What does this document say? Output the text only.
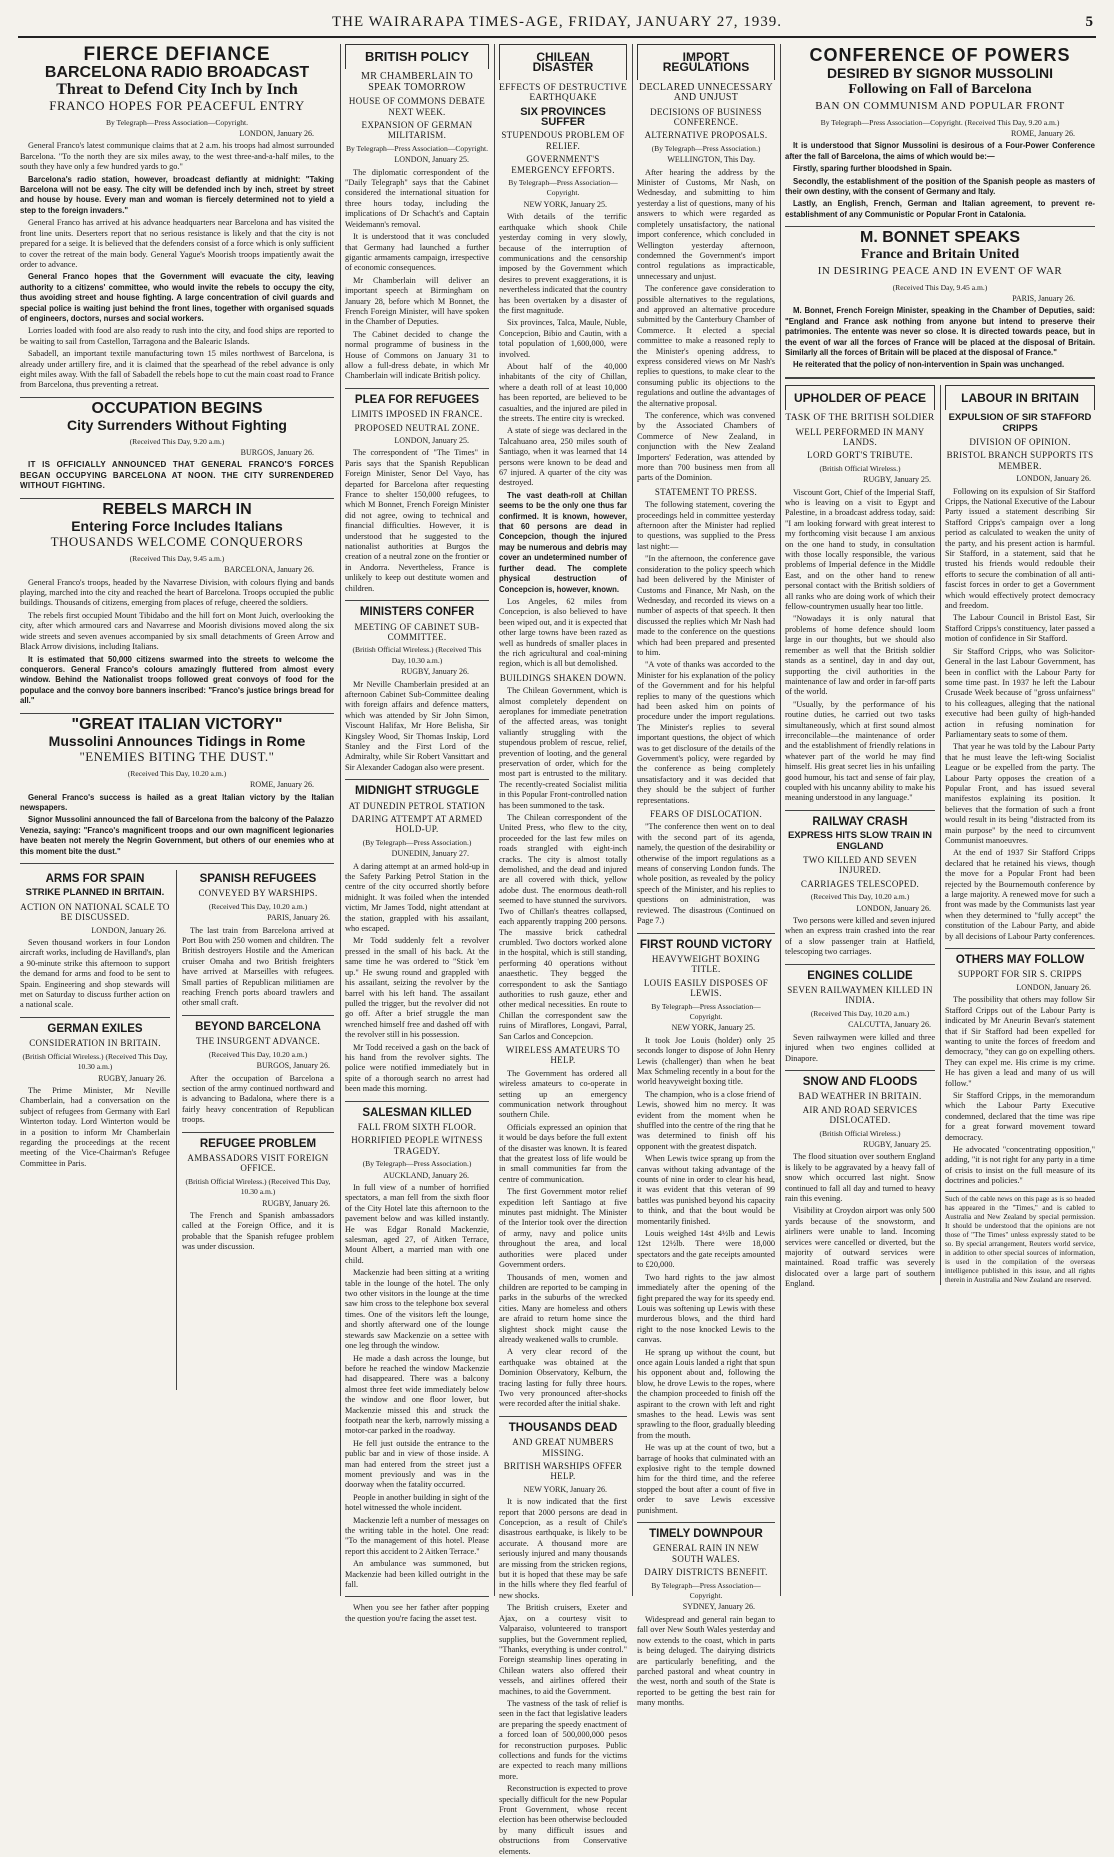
THE WAIRARAPA TIMES-AGE, FRIDAY, JANUARY 27, 1939.	5
FIERCE DEFIANCE
BARCELONA RADIO BROADCAST
Threat to Defend City Inch by Inch
FRANCO HOPES FOR PEACEFUL ENTRY
By Telegraph—Press Association—Copyright.
LONDON, January 26.

General Franco's latest communique claims that at 2 a.m. his troops had almost surrounded Barcelona. "To the north they are six miles away, to the west three-and-a-half miles, to the south they have only a few hundred yards to go."

Barcelona's radio station, however, broadcast defiantly at midnight: "Taking Barcelona will not be easy. The city will be defended inch by inch, street by street and house by house. Every man and woman is fiercely determined not to yield a step to the foreign invaders."

General Franco has arrived at his advance headquarters near Barcelona and has visited the front line units. Deserters report that no serious resistance is likely and that the city is not prepared for a seige. It is believed that the defenders consist of a force which is only sufficient to cover the retreat of the main body. General Yague's Moorish troops impatiently await the order to advance.

General Franco hopes that the Government will evacuate the city, leaving authority to a citizens' committee, who would invite the rebels to occupy the city, thus avoiding street and house fighting. A large concentration of civil guards and special police is waiting just behind the front lines, together with organised squads of engineers, doctors, nurses and social workers.

Lorries loaded with food are also ready to rush into the city, and food ships are reported to be waiting to sail from Castellon, Tarragona and the Balearic Islands.

Sabadell, an important textile manufacturing town 15 miles northwest of Barcelona, is already under artillery fire, and it is claimed that the spearhead of the rebel advance is only eight miles away. With the fall of Sabadell the rebels hope to cut the main coast road to France from Barcelona, thus preventing a retreat.

OCCUPATION BEGINS
City Surrenders Without Fighting
(Received This Day, 9.20 a.m.)
BURGOS, January 26.

IT IS OFFICIALLY ANNOUNCED THAT GENERAL FRANCO'S FORCES BEGAN OCCUPYING BARCELONA AT NOON. THE CITY SURRENDERED WITHOUT FIGHTING.

REBELS MARCH IN
Entering Force Includes Italians
THOUSANDS WELCOME CONQUERORS
(Received This Day, 9.45 a.m.)
BARCELONA, January 26.

General Franco's troops, headed by the Navarrese Division, with colours flying and bands playing, marched into the city and reached the heart of Barcelona. Troops occupied the public buildings. Thousands of citizens, emerging from places of refuge, cheered the soldiers.

The rebels first occupied Mount Tibidabo and the hill fort on Mont Juich, overlooking the city, after which armoured cars and Navarrese and Moorish divisions moved along the six wide streets and seven avenues accompanied by six small detachments of Green Arrow and Black Arrow divisions, including Italians.

It is estimated that 50,000 citizens swarmed into the streets to welcome the conquerors. General Franco's colours amazingly fluttered from almost every window. Behind the Nationalist troops followed great convoys of food for the populace and the convoy bore banners inscribed: "Franco's justice brings bread for all."

"GREAT ITALIAN VICTORY"
Mussolini Announces Tidings in Rome
"ENEMIES BITING THE DUST."
(Received This Day, 10.20 a.m.)
ROME, January 26.

General Franco's success is hailed as a great Italian victory by the Italian newspapers.

Signor Mussolini announced the fall of Barcelona from the balcony of the Palazzo Venezia, saying: "Franco's magnificent troops and our own magnificent legionaries have beaten not merely the Negrin Government, but others of our enemies who at this moment bite the dust."

ARMS FOR SPAIN
STRIKE PLANNED IN BRITAIN.
ACTION ON NATIONAL SCALE TO BE DISCUSSED.
LONDON, January 26.

Seven thousand workers in four London aircraft works, including de Havilland's, plan a 90-minute strike this afternoon to support the demand for arms and food to be sent to Spain. Engineering and shop stewards will met on Saturday to discuss further action on a national scale.

GERMAN EXILES
CONSIDERATION IN BRITAIN.
(British Official Wireless.) (Received This Day, 10.30 a.m.)
RUGBY, January 26.

The Prime Minister, Mr Neville Chamberlain, had a conversation on the subject of refugees from Germany with Earl Winterton today. Lord Winterton would be in a position to inform Mr Chamberlain regarding the proceedings at the recent meeting of the Vice-Chairman's Refugee Committee in Paris.

SPANISH REFUGEES
CONVEYED BY WARSHIPS.
(Received This Day, 10.20 a.m.)
PARIS, January 26.

The last train from Barcelona arrived at Port Bou with 250 women and children. The British destroyers Hostile and the American cruiser Omaha and two British freighters have arrived at Marseilles with refugees. Small parties of Republican militiamen are reaching French ports aboard trawlers and other small craft.

BEYOND BARCELONA
THE INSURGENT ADVANCE.
(Received This Day, 10.20 a.m.)
BURGOS, January 26.

After the occupation of Barcelona a section of the army continued northward and is advancing to Badalona, where there is a fairly heavy concentration of Republican troops.

REFUGEE PROBLEM
AMBASSADORS VISIT FOREIGN OFFICE.
(British Official Wireless.) (Received This Day, 10.30 a.m.)
RUGBY, January 26.

The French and Spanish ambassadors called at the Foreign Office, and it is probable that the Spanish refugee problem was under discussion.

BRITISH POLICY
MR CHAMBERLAIN TO SPEAK TOMORROW
HOUSE OF COMMONS DEBATE NEXT WEEK.
EXPANSION OF GERMAN MILITARISM.
By Telegraph—Press Association—Copyright.
LONDON, January 25.

The diplomatic correspondent of the "Daily Telegraph" says that the Cabinet considered the international situation for three hours today, including the implications of Dr Schacht's and Captain Weidemann's removal.

It is understood that it was concluded that Germany had launched a further gigantic armaments campaign, irrespective of economic consequences.

Mr Chamberlain will deliver an important speech at Birmingham on January 28, before which M Bonnet, the French Foreign Minister, will have spoken in the Chamber of Deputies.

The Cabinet decided to change the normal programme of business in the House of Commons on January 31 to allow a full-dress debate, in which Mr Chamberlain will indicate British policy.

PLEA FOR REFUGEES
LIMITS IMPOSED IN FRANCE.
PROPOSED NEUTRAL ZONE.
LONDON, January 25.

The correspondent of "The Times" in Paris says that the Spanish Republican Foreign Minister, Senor Del Vayo, has departed for Barcelona after requesting France to shelter 150,000 refugees, to which M Bonnet, French Foreign Minister did not agree, owing to technical and financial difficulties. However, it is understood that he suggested to the nationalist authorities at Burgos the creation of a neutral zone on the frontier or in Andorra. Nevertheless, France is unlikely to keep out destitute women and children.

MINISTERS CONFER
MEETING OF CABINET SUB-COMMITTEE.
(British Official Wireless.) (Received This Day, 10.30 a.m.)
RUGBY, January 26.

Mr Neville Chamberlain presided at an afternoon Cabinet Sub-Committee dealing with foreign affairs and defence matters, which was attended by Sir John Simon, Viscount Halifax, Mr Hore Belisha, Sir Kingsley Wood, Sir Thomas Inskip, Lord Stanley and the First Lord of the Admiralty, while Sir Robert Vansittart and Sir Alexander Cadogan also were present.

MIDNIGHT STRUGGLE
AT DUNEDIN PETROL STATION
DARING ATTEMPT AT ARMED HOLD-UP.
(By Telegraph—Press Association.)
DUNEDIN, January 27.

A daring attempt at an armed hold-up in the Safety Parking Petrol Station in the centre of the city occurred shortly before midnight. It was foiled when the intended victim, Mr James Todd, night attendant at the station, grappled with his assailant, who escaped.

Mr Todd suddenly felt a revolver pressed in the small of his back. At the same time he was ordered to "Stick 'em up." He swung round and grappled with his assailant, seizing the revolver by the barrel with his left hand. The assailant pulled the trigger, but the revolver did not go off. After a brief struggle the man wrenched himself free and dashed off with the revolver still in his possession.

Mr Todd received a gash on the back of his hand from the revolver sights. The police were notified immediately but in spite of a thorough search no arrest had been made this morning.

SALESMAN KILLED
FALL FROM SIXTH FLOOR.
HORRIFIED PEOPLE WITNESS TRAGEDY.
(By Telegraph—Press Association.)
AUCKLAND, January 26.

In full view of a number of horrified spectators, a man fell from the sixth floor of the City Hotel late this afternoon to the pavement below and was killed instantly. He was Edgar Ronald Mackenzie, salesman, aged 27, of Aitken Terrace, Mount Albert, a married man with one child.

Mackenzie had been sitting at a writing table in the lounge of the hotel. The only two other visitors in the lounge at the time saw him cross to the telephone box several times. One of the visitors left the lounge, and shortly afterward one of the lounge stewards saw Mackenzie on a settee with one leg through the window.

He made a dash across the lounge, but before he reached the window Mackenzie had disappeared. There was a balcony almost three feet wide immediately below the window and one floor lower, but Mackenzie missed this and struck the footpath near the kerb, narrowly missing a motor-car parked in the roadway.

He fell just outside the entrance to the public bar and in view of those inside. A man had entered from the street just a moment previously and was in the doorway when the fatality occurred.

People in another building in sight of the hotel witnessed the whole incident.

Mackenzie left a number of messages on the writing table in the hotel. One read: "To the management of this hotel. Please report this accident to 2 Aitken Terrace."

An ambulance was summoned, but Mackenzie had been killed outright in the fall.

When you see her father after popping the question you're facing the asset test.

CHILEAN DISASTER
EFFECTS OF DESTRUCTIVE EARTHQUAKE
SIX PROVINCES SUFFER
STUPENDOUS PROBLEM OF RELIEF.
GOVERNMENT'S EMERGENCY EFFORTS.
By Telegraph—Press Association—Copyright.
NEW YORK, January 25.

With details of the terrific earthquake which shook Chile yesterday coming in very slowly, because of the interruption of communications and the censorship imposed by the Government which desires to prevent exaggerations, it is nevertheless indicated that the country has been overtaken by a disaster of the first magnitude.

Six provinces, Talca, Maule, Nuble, Concepcion, Bibio and Cautin, with a total population of 1,600,000, were involved.

About half of the 40,000 inhabitants of the city of Chillan, where a death roll of at least 10,000 has been reported, are believed to be casualties, and the injured are piled in the streets. The entire city is wrecked.

A state of siege was declared in the Talcahuano area, 250 miles south of Santiago, when it was learned that 14 persons were known to be dead and 67 injured. A quarter of the city was destroyed.

The vast death-roll at Chillan seems to be the only one thus far confirmed. It is known, however, that 60 persons are dead in Concepcion, though the injured may be numerous and debris may cover an undetermined number of further dead. The complete physical destruction of Concepcion is, however, known.

Los Angeles, 62 miles from Concepcion, is also believed to have been wiped out, and it is expected that other large towns have been razed as well as hundreds of smaller places in the rich agricultural and coal-mining region, which is all but demolished.

BUILDINGS SHAKEN DOWN.

The Chilean Government, which is almost completely dependent on aeroplanes for immediate penetration of the affected areas, was tonight valiantly struggling with the stupendous problem of rescue, relief, prevention of looting, and the general preservation of order, which for the most part is entrusted to the military. The recently-created Socialist militia in this Popular Front-controlled nation has been summoned to the task.

The Chilean correspondent of the United Press, who flew to the city, proceeded for the last few miles on roads strangled with eight-inch cracks. The city is almost totally demolished, and the dead and injured are all covered with thick, yellow adobe dust. The enormous death-roll seemed to have stunned the survivors. Two of Chillan's theatres collapsed, each apparently trapping 200 persons. The massive brick cathedral crumbled. Two doctors worked alone in the hospital, which is still standing, performing 40 operations without anaesthetic. They begged the correspondent to ask the Santiago authorities to rush gauze, ether and other medical necessities. En route to Chillan the correspondent saw the ruins of Miraflores, Longavi, Parral, San Carlos and Concepcion.

WIRELESS AMATEURS TO HELP.

The Government has ordered all wireless amateurs to co-operate in setting up an emergency communication network throughout southern Chile.

Officials expressed an opinion that it would be days before the full extent of the disaster was known. It is feared that the greatest loss of life would be in small communities far from the centre of communication.

The first Government motor relief expedition left Santiago at five minutes past midnight. The Minister of the Interior took over the direction of army, navy and police units throughout the area, and local authorities were placed under Government orders.

Thousands of men, women and children are reported to be camping in parks in the suburbs of the wrecked cities. Many are homeless and others are afraid to return home since the slightest shock might cause the already weakened walls to crumble.

A very clear record of the earthquake was obtained at the Dominion Observatory, Kelburn, the tracing lasting for fully three hours. Two very pronounced after-shocks were recorded after the initial shake.

THOUSANDS DEAD
AND GREAT NUMBERS MISSING.
BRITISH WARSHIPS OFFER HELP.
NEW YORK, January 26.

It is now indicated that the first report that 2000 persons are dead in Concepcion, as a result of Chile's disastrous earthquake, is likely to be accurate. A thousand more are seriously injured and many thousands are missing from the stricken regions, but it is hoped that these may be safe in the hills where they fled fearful of new shocks.

The British cruisers, Exeter and Ajax, on a courtesy visit to Valparaiso, volunteered to transport supplies, but the Government replied, "Thanks, everything is under control." Foreign steamship lines operating in Chilean waters also offered their vessels, and airlines offered their machines, to aid the Government.

The vastness of the task of relief is seen in the fact that legislative leaders are preparing the speedy enactment of a forced loan of 500,000,000 pesos for reconstruction purposes. Public collections and funds for the victims are expected to reach many millions more.

Reconstruction is expected to prove specially difficult for the new Popular Front Government, whose recent election has been otherwise beclouded by many difficult issues and obstructions from Conservative elements.

IMPORT REGULATIONS
DECLARED UNNECESSARY AND UNJUST
DECISIONS OF BUSINESS CONFERENCE.
ALTERNATIVE PROPOSALS.
(By Telegraph—Press Association.)
WELLINGTON, This Day.

After hearing the address by the Minister of Customs, Mr Nash, on Wednesday, and submitting to him yesterday a list of questions, many of his answers to which were regarded as completely unsatisfactory, the national import conference, which concluded in Wellington yesterday afternoon, condemned the Government's import control regulations as impracticable, unnecessary and unjust.

The conference gave consideration to possible alternatives to the regulations, and approved an alternative procedure submitted by the Canterbury Chamber of Commerce. It elected a special committee to make a reasoned reply to the Minister's opening address, to express considered views on Mr Nash's replies to questions, to make clear to the consuming public its objections to the regulations and outline the advantages of the alternative proposal.

The conference, which was convened by the Associated Chambers of Commerce of New Zealand, in conjunction with the New Zealand Importers' Federation, was attended by more than 700 business men from all parts of the Dominion.

STATEMENT TO PRESS.

The following statement, covering the proceedings held in committee yesterday afternoon after the Minister had replied to questions, was supplied to the Press last night:—

"In the afternoon, the conference gave consideration to the policy speech which had been delivered by the Minister of Customs and Finance, Mr Nash, on the Wednesday, and recorded its views on a number of aspects of that speech. It then discussed the replies which Mr Nash had made to the conference on the questions which had been prepared and presented to him.

"A vote of thanks was accorded to the Minister for his explanation of the policy of the Government and for his helpful replies to many of the questions which had been asked him on points of procedure under the import regulations. The Minister's replies to several important questions, the object of which was to get disclosure of the details of the Government's policy, were regarded by the conference as being completely unsatisfactory and it was decided that they should be the subject of further representations.

FEARS OF DISLOCATION.

"The conference then went on to deal with the second part of its agenda, namely, the question of the desirability or otherwise of the import regulations as a means of conserving London funds. The whole position, as revealed by the policy speech of the Minister, and his replies to questions on administration, was reviewed. The disastrous (Continued on Page 7.)

FIRST ROUND VICTORY
HEAVYWEIGHT BOXING TITLE.
LOUIS EASILY DISPOSES OF LEWIS.
By Telegraph—Press Association—Copyright.
NEW YORK, January 25.

It took Joe Louis (holder) only 25 seconds longer to dispose of John Henry Lewis (challenger) than when he beat Max Schmeling recently in a bout for the world heavyweight boxing title.

The champion, who is a close friend of Lewis, showed him no mercy. It was evident from the moment when he shuffled into the centre of the ring that he was determined to finish off his opponent with the greatest dispatch.

When Lewis twice sprang up from the canvas without taking advantage of the counts of nine in order to clear his head, it was evident that this veteran of 99 battles was punished beyond his capacity to think, and that the bout would be momentarily finished.

Louis weighed 14st 4½lb and Lewis 12st 12½lb. There were 18,000 spectators and the gate receipts amounted to £20,000.

Two hard rights to the jaw almost immediately after the opening of the fight prepared the way for its speedy end. Louis was softening up Lewis with these murderous blows, and the third hard right to the nose knocked Lewis to the canvas.

He sprang up without the count, but once again Louis landed a right that spun his opponent about and, following the blow, he drove Lewis to the ropes, where the champion proceeded to finish off the aspirant to the crown with left and right smashes to the head. Lewis was sent sprawling to the floor, gradually bleeding from the mouth.

He was up at the count of two, but a barrage of hooks that culminated with an explosive right to the temple downed him for the third time, and the referee stopped the bout after a count of five in order to save Lewis excessive punishment.

TIMELY DOWNPOUR
GENERAL RAIN IN NEW SOUTH WALES.
DAIRY DISTRICTS BENEFIT.
By Telegraph—Press Association—Copyright.
SYDNEY, January 26.

Widespread and general rain began to fall over New South Wales yesterday and now extends to the coast, which in parts is being deluged. The dairying districts are particularly benefiting, and the parched pastoral and wheat country in the west, north and south of the State is reported to be getting the best rain for many months.

CONFERENCE OF POWERS
DESIRED BY SIGNOR MUSSOLINI
Following on Fall of Barcelona
BAN ON COMMUNISM AND POPULAR FRONT
By Telegraph—Press Association—Copyright. (Received This Day, 9.20 a.m.)
ROME, January 26.

It is understood that Signor Mussolini is desirous of a Four-Power Conference after the fall of Barcelona, the aims of which would be:—

Firstly, sparing further bloodshed in Spain.

Secondly, the establishment of the position of the Spanish people as masters of their own destiny, with the consent of Germany and Italy.

Lastly, an English, French, German and Italian agreement, to prevent re-establishment of any Communistic or Popular Front in Catalonia.

M. BONNET SPEAKS
France and Britain United
IN DESIRING PEACE AND IN EVENT OF WAR
(Received This Day, 9.45 a.m.)
PARIS, January 26.

M. Bonnet, French Foreign Minister, speaking in the Chamber of Deputies, said: "England and France ask nothing from anyone but intend to preserve their patrimonies. The entente was never so close. It is directed towards peace, but in the event of war all the forces of France will be placed at the disposal of Britain. Similarly all the forces of Britain will be placed at the disposal of France."

He reiterated that the policy of non-intervention in Spain was unchanged.

UPHOLDER OF PEACE
TASK OF THE BRITISH SOLDIER
WELL PERFORMED IN MANY LANDS.
LORD GORT'S TRIBUTE.
(British Official Wireless.)
RUGBY, January 25.

Viscount Gort, Chief of the Imperial Staff, who is leaving on a visit to Egypt and Palestine, in a broadcast address today, said: "I am looking forward with great interest to my forthcoming visit because I am anxious on the one hand to study, in consultation with those locally responsible, the various problems of Imperial defence in the Middle East, and on the other hand to renew personal contact with the British soldiers of all ranks who are doing work of which their fellow-countrymen usually hear too little.

"Nowadays it is only natural that problems of home defence should loom large in our thoughts, but we should also remember as well that the British soldier stands as a sentinel, day in and day out, supporting the civil authorities in the maintenance of law and order in far-off parts of the world.

"Usually, by the performance of his routine duties, he carried out two tasks simultaneously, which at first sound almost irreconcilable—the maintenance of order and the establishment of friendly relations in whatever part of the world he may find himself. His great secret lies in his unfailing good humour, his tact and sense of fair play, coupled with his uncanny ability to make his meaning understood in any language."

RAILWAY CRASH
EXPRESS HITS SLOW TRAIN IN ENGLAND
TWO KILLED AND SEVEN INJURED.
CARRIAGES TELESCOPED.
(Received This Day, 10.20 a.m.)
LONDON, January 26.

Two persons were killed and seven injured when an express train crashed into the rear of a slow passenger train at Hatfield, telescoping two carriages.

ENGINES COLLIDE
SEVEN RAILWAYMEN KILLED IN INDIA.
(Received This Day, 10.20 a.m.)
CALCUTTA, January 26.

Seven railwaymen were killed and three injured when two engines collided at Dinapore.

SNOW AND FLOODS
BAD WEATHER IN BRITAIN.
AIR AND ROAD SERVICES DISLOCATED.
(British Official Wireless.)
RUGBY, January 25.

The flood situation over southern England is likely to be aggravated by a heavy fall of snow which occurred last night. Snow continued to fall all day and turned to heavy rain this evening.

Visibility at Croydon airport was only 500 yards because of the snowstorm, and airliners were unable to land. Incoming services were cancelled or diverted, but the majority of outward services were maintained. Road traffic was severely dislocated over a large part of southern England.

LABOUR IN BRITAIN
EXPULSION OF SIR STAFFORD CRIPPS
DIVISION OF OPINION.
BRISTOL BRANCH SUPPORTS ITS MEMBER.
LONDON, January 26.

Following on its expulsion of Sir Stafford Cripps, the National Executive of the Labour Party issued a statement describing Sir Stafford Cripps's campaign over a long period as calculated to weaken the unity of the party, and his present action is harmful. Sir Stafford, in a statement, said that he trusted his friends would redouble their efforts to secure the combination of all anti-fascist forces in order to get a Government which would effectively protect democracy and freedom.

The Labour Council in Bristol East, Sir Stafford Cripps's constituency, later passed a motion of confidence in Sir Stafford.

Sir Stafford Cripps, who was Solicitor-General in the last Labour Government, has been in conflict with the Labour Party for some time past. In 1937 he left the Labour Crusade Week because of "gross unfairness" to his colleagues, alleging that the national executive had been guilty of high-handed action in refusing nomination for Parliamentary seats to some of them.

That year he was told by the Labour Party that he must leave the left-wing Socialist League or be expelled from the party. The Labour Party opposes the creation of a Popular Front, and has issued several manifestos explaining its position. It believes that the formation of such a front would result in its being "distracted from its main purpose" by the need to circumvent Communist manoeuvres.

At the end of 1937 Sir Stafford Cripps declared that he retained his views, though the move for a Popular Front had been rejected by the Bournemouth conference by a large majority. A renewed move for such a front was made by the Communists last year when they determined to "fully accept" the constitution of the Labour Party, and abide by all decisions of Labour Party conferences.

OTHERS MAY FOLLOW
SUPPORT FOR SIR S. CRIPPS
LONDON, January 26.

The possibility that others may follow Sir Stafford Cripps out of the Labour Party is indicated by Mr Aneurin Bevan's statement that if Sir Stafford had been expelled for wanting to unite the forces of freedom and democracy, "they can go on expelling others. They can expel me. His crime is my crime. He has given a lead and many of us will follow."

Sir Stafford Cripps, in the memorandum which the Labour Party Executive condemned, declared that the time was ripe for a great forward movement toward democracy.

He advocated "concentrating opposition," adding, "it is not right for any party in a time of crisis to insist on the full measure of its doctrines and policies."

Such of the cable news on this page as is so headed has appeared in the "Times," and is cabled to Australia and New Zealand by special permission. It should be understood that the opinions are not those of "The Times" unless expressly stated to be so. By special arrangement, Reuters world service, in addition to other special sources of information, is used in the compilation of the overseas intelligence published in this issue, and all rights therein in Australia and New Zealand are reserved.
